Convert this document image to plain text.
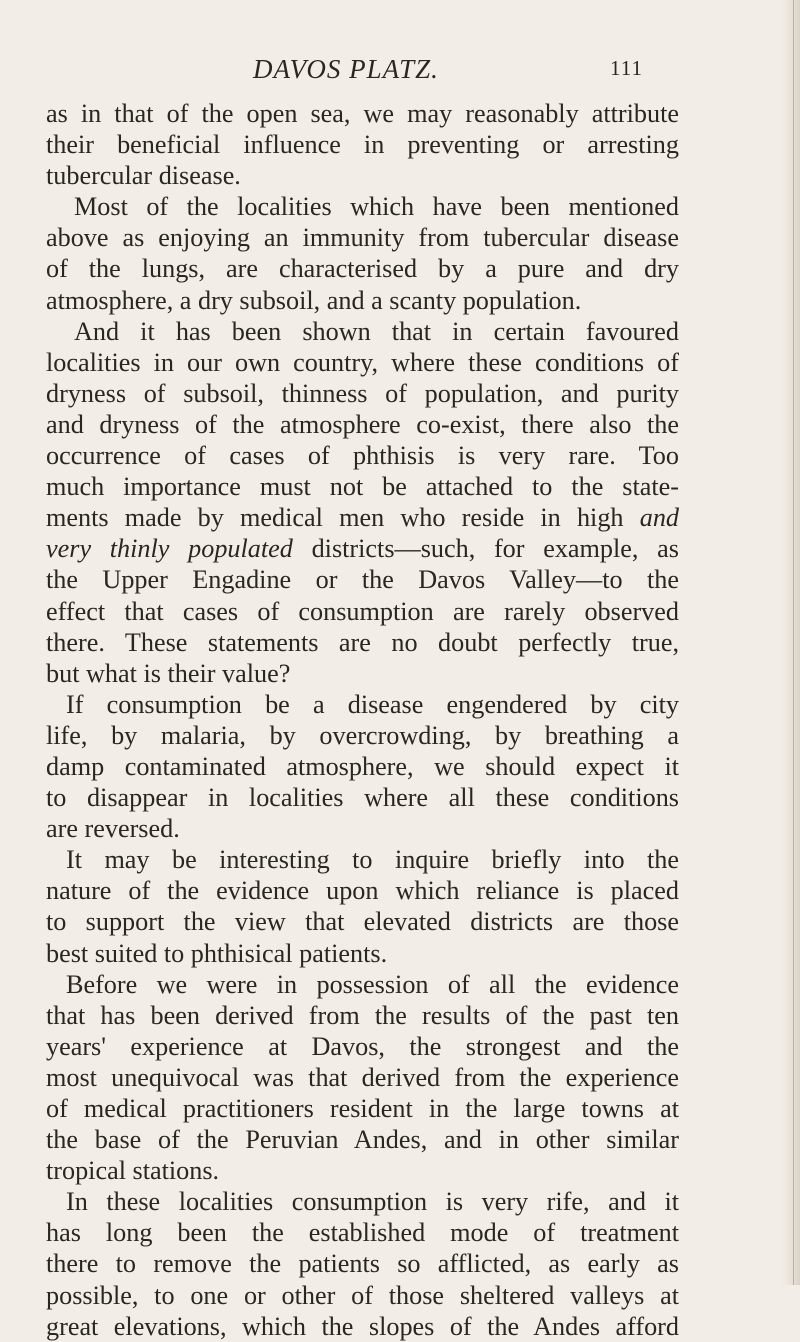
DAVOS PLATZ.	111
as in that of the open sea, we may reasonably attribute
their beneficial influence in preventing or arresting
tubercular disease.
Most of the localities which have been mentioned
above as enjoying an immunity from tubercular disease
of the lungs, are characterised by a pure and dry
atmosphere, a dry subsoil, and a scanty population.
And it has been shown that in certain favoured
localities in our own country, where these conditions of
dryness of subsoil, thinness of population, and purity
and dryness of the atmosphere co-exist, there also the
occurrence of cases of phthisis is very rare. Too
much importance must not be attached to the state-
ments made by medical men who reside in high and
very thinly populated districts—such, for example, as
the Upper Engadine or the Davos Valley—to the
effect that cases of consumption are rarely observed
there. These statements are no doubt perfectly true,
but what is their value?
If consumption be a disease engendered by city
life, by malaria, by overcrowding, by breathing a
damp contaminated atmosphere, we should expect it
to disappear in localities where all these conditions
are reversed.
It may be interesting to inquire briefly into the
nature of the evidence upon which reliance is placed
to support the view that elevated districts are those
best suited to phthisical patients.
Before we were in possession of all the evidence
that has been derived from the results of the past ten
years' experience at Davos, the strongest and the
most unequivocal was that derived from the experience
of medical practitioners resident in the large towns at
the base of the Peruvian Andes, and in other similar
tropical stations.
In these localities consumption is very rife, and it
has long been the established mode of treatment
there to remove the patients so afflicted, as early as
possible, to one or other of those sheltered valleys at
great elevations, which the slopes of the Andes afford
